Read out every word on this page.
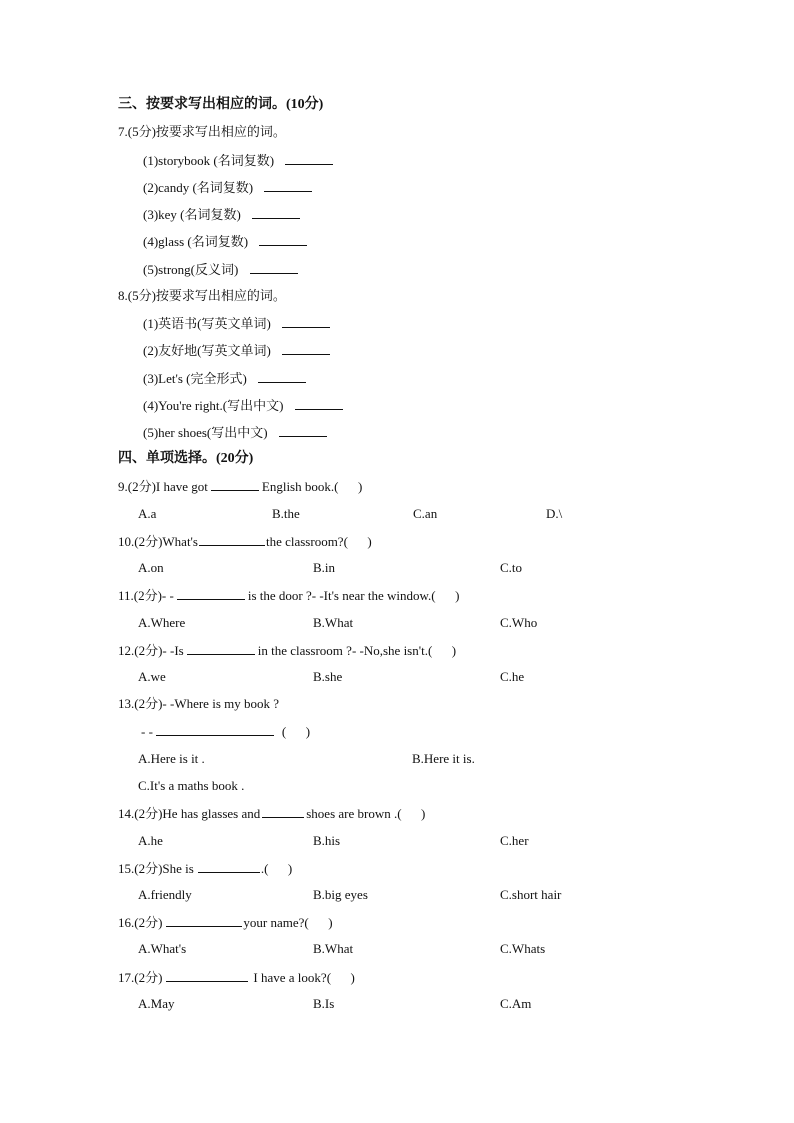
三、按要求写出相应的词。(10分)
7.(5分)按要求写出相应的词。
(1)storybook (名词复数)
(2)candy (名词复数)
(3)key (名词复数)
(4)glass (名词复数)
(5)strong(反义词)
8.(5分)按要求写出相应的词。
(1)英语书(写英文单词)
(2)友好地(写英文单词)
(3)Let's (完全形式)
(4)You're right.(写出中文)
(5)her shoes(写出中文)
四、单项选择。(20分)
9.(2分)I have got	English book.(      )
A.a	B.the	C.an	D.\
10.(2分)What's	the classroom?(      )
A.on	B.in	C.to
11.(2分)- -	is the door ?- -It's near the window.(      )
A.Where	B.What	C.Who
12.(2分)- -Is	in the classroom ?- -No,she isn't.(      )
A.we	B.she	C.he
13.(2分)- -Where is my book ?
- -	(      )
A.Here is it .	B.Here it is.
C.It's a maths book .
14.(2分)He has glasses and	shoes are brown .(      )
A.he	B.his	C.her
15.(2分)She is	.(      )
A.friendly	B.big eyes	C.short hair
16.(2分)	your name?(      )
A.What's	B.What	C.Whats
17.(2分)	I have a look?(      )
A.May	B.Is	C.Am
